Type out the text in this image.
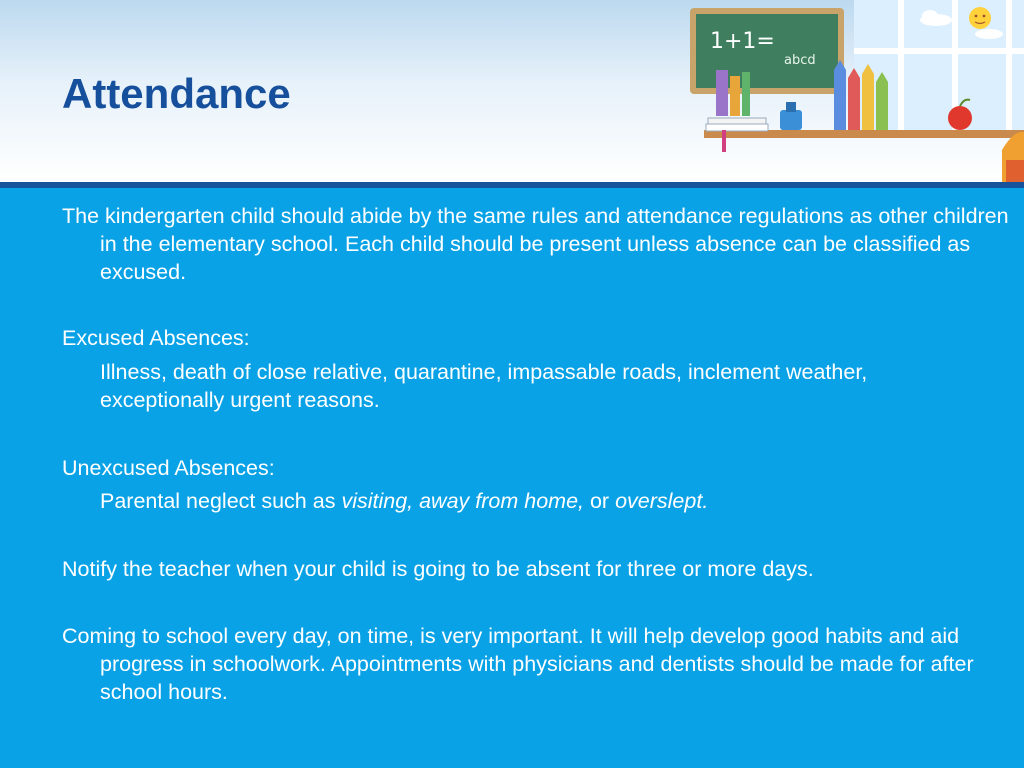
Attendance
1+1=
abcd

The kindergarten child should abide by the same rules and attendance regulations as other children in the elementary school. Each child should be present unless absence can be classified as excused.

Excused Absences:

Illness, death of close relative, quarantine, impassable roads, inclement weather, exceptionally urgent reasons.

Unexcused Absences:

Parental neglect such as visiting, away from home, or overslept.

Notify the teacher when your child is going to be absent for three or more days.

Coming to school every day, on time, is very important. It will help develop good habits and aid progress in schoolwork. Appointments with physicians and dentists should be made for after school hours.
